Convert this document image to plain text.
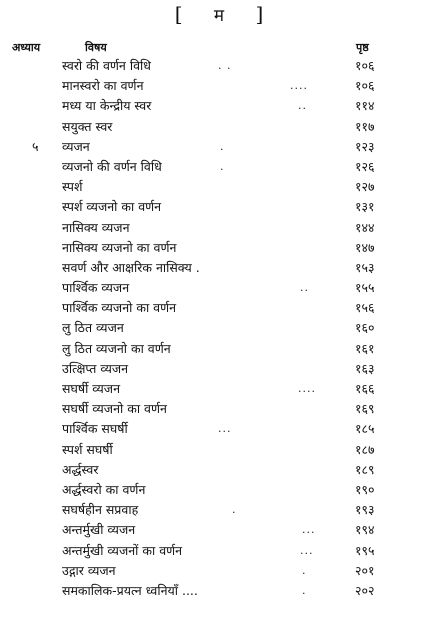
[ म ]
अध्याय	विषय	पृष्ठ
स्वरो की वर्णन विधि	. .	१०६
मानस्वरो का वर्णन	....	१०६
मध्य या केन्द्रीय स्वर	..	११४
सयुक्त स्वर	११७
५ व्यजन	.	१२३
व्यजनो की वर्णन विधि	.	१२६
स्पर्श	१२७
स्पर्श व्यजनो का वर्णन	१३१
नासिक्य व्यजन	१४४
नासिक्य व्यजनो का वर्णन	१४७
सवर्ण और आक्षरिक नासिक्य .	१५३
पार्श्विक व्यजन	..	१५५
पार्श्विक व्यजनो का वर्णन	१५६
लु ठित व्यजन	१६०
लु ठित व्यजनो का वर्णन	१६१
उत्क्षिप्त व्यजन	१६३
सघर्षी व्यजन	....	१६६
सघर्षी व्यजनो का वर्णन	१६९
पार्श्विक सघर्षी	...	१८५
स्पर्श सघर्षी	१८७
अर्द्धस्वर	१८९
अर्द्धस्वरो का वर्णन	१९०
सघर्षहीन सप्रवाह	.	१९३
अन्तर्मुखी व्यजन	...	१९४
अन्तर्मुखी व्यजनों का वर्णन	...	१९५
उद्गार व्यजन	.	२०१
समकालिक-प्रयत्न ध्वनियाँ ....	.	२०२
